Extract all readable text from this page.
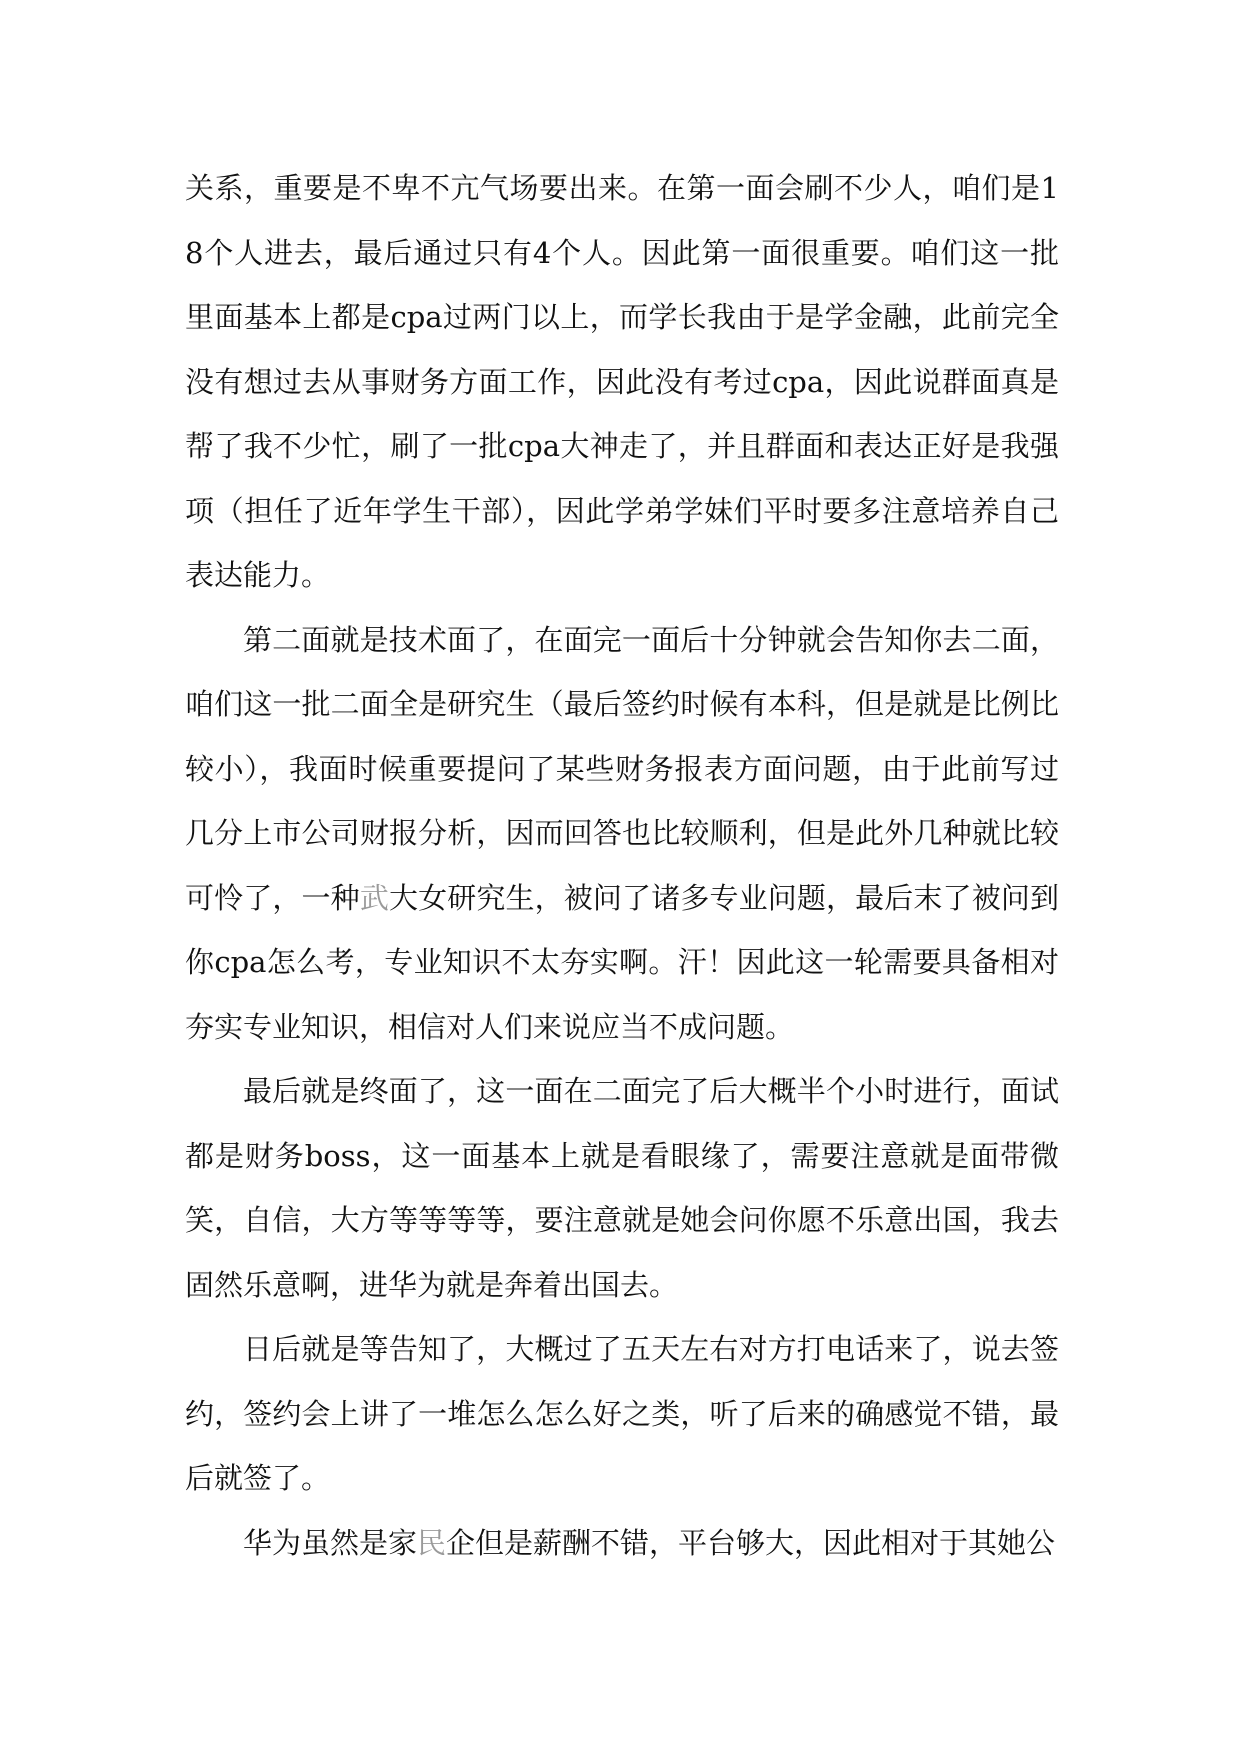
关系，重要是不卑不亢气场要出来。在第一面会刷不少人，咱们是18个人进去，最后通过只有4个人。因此第一面很重要。咱们这一批里面基本上都是cpa过两门以上，而学长我由于是学金融，此前完全没有想过去从事财务方面工作，因此没有考过cpa，因此说群面真是帮了我不少忙，刷了一批cpa大神走了，并且群面和表达正好是我强项（担任了近年学生干部），因此学弟学妹们平时要多注意培养自己表达能力。

第二面就是技术面了，在面完一面后十分钟就会告知你去二面，咱们这一批二面全是研究生（最后签约时候有本科，但是就是比例比较小），我面时候重要提问了某些财务报表方面问题，由于此前写过几分上市公司财报分析，因而回答也比较顺利，但是此外几种就比较可怜了，一种武大女研究生，被问了诸多专业问题，最后末了被问到你cpa怎么考，专业知识不太夯实啊。汗！因此这一轮需要具备相对夯实专业知识，相信对人们来说应当不成问题。

最后就是终面了，这一面在二面完了后大概半个小时进行，面试都是财务boss，这一面基本上就是看眼缘了，需要注意就是面带微笑，自信，大方等等等等，要注意就是她会问你愿不乐意出国，我去固然乐意啊，进华为就是奔着出国去。

日后就是等告知了，大概过了五天左右对方打电话来了，说去签约，签约会上讲了一堆怎么怎么好之类，听了后来的确感觉不错，最后就签了。

华为虽然是家民企但是薪酬不错，平台够大，因此相对于其她公
